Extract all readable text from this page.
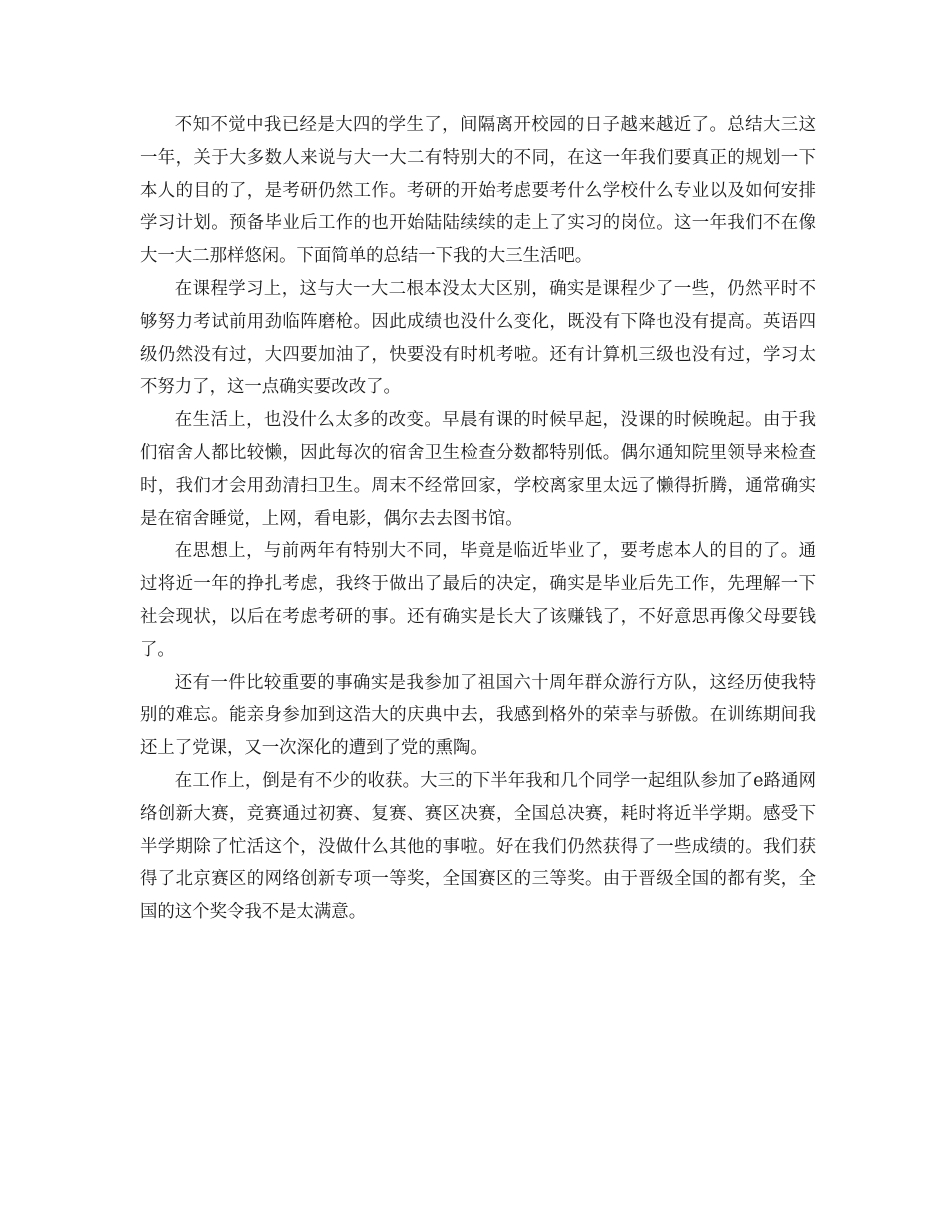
不知不觉中我已经是大四的学生了，间隔离开校园的日子越来越近了。总结大三这一年，关于大多数人来说与大一大二有特别大的不同，在这一年我们要真正的规划一下本人的目的了，是考研仍然工作。考研的开始考虑要考什么学校什么专业以及如何安排学习计划。预备毕业后工作的也开始陆陆续续的走上了实习的岗位。这一年我们不在像大一大二那样悠闲。下面简单的总结一下我的大三生活吧。

在课程学习上，这与大一大二根本没太大区别，确实是课程少了一些，仍然平时不够努力考试前用劲临阵磨枪。因此成绩也没什么变化，既没有下降也没有提高。英语四级仍然没有过，大四要加油了，快要没有时机考啦。还有计算机三级也没有过，学习太不努力了，这一点确实要改改了。

在生活上，也没什么太多的改变。早晨有课的时候早起，没课的时候晚起。由于我们宿舍人都比较懒，因此每次的宿舍卫生检查分数都特别低。偶尔通知院里领导来检查时，我们才会用劲清扫卫生。周末不经常回家，学校离家里太远了懒得折腾，通常确实是在宿舍睡觉，上网，看电影，偶尔去去图书馆。

在思想上，与前两年有特别大不同，毕竟是临近毕业了，要考虑本人的目的了。通过将近一年的挣扎考虑，我终于做出了最后的决定，确实是毕业后先工作，先理解一下社会现状，以后在考虑考研的事。还有确实是长大了该赚钱了，不好意思再像父母要钱了。

还有一件比较重要的事确实是我参加了祖国六十周年群众游行方队，这经历使我特别的难忘。能亲身参加到这浩大的庆典中去，我感到格外的荣幸与骄傲。在训练期间我还上了党课，又一次深化的遭到了党的熏陶。

在工作上，倒是有不少的收获。大三的下半年我和几个同学一起组队参加了e路通网络创新大赛，竞赛通过初赛、复赛、赛区决赛，全国总决赛，耗时将近半学期。感受下半学期除了忙活这个，没做什么其他的事啦。好在我们仍然获得了一些成绩的。我们获得了北京赛区的网络创新专项一等奖，全国赛区的三等奖。由于晋级全国的都有奖，全国的这个奖令我不是太满意。
